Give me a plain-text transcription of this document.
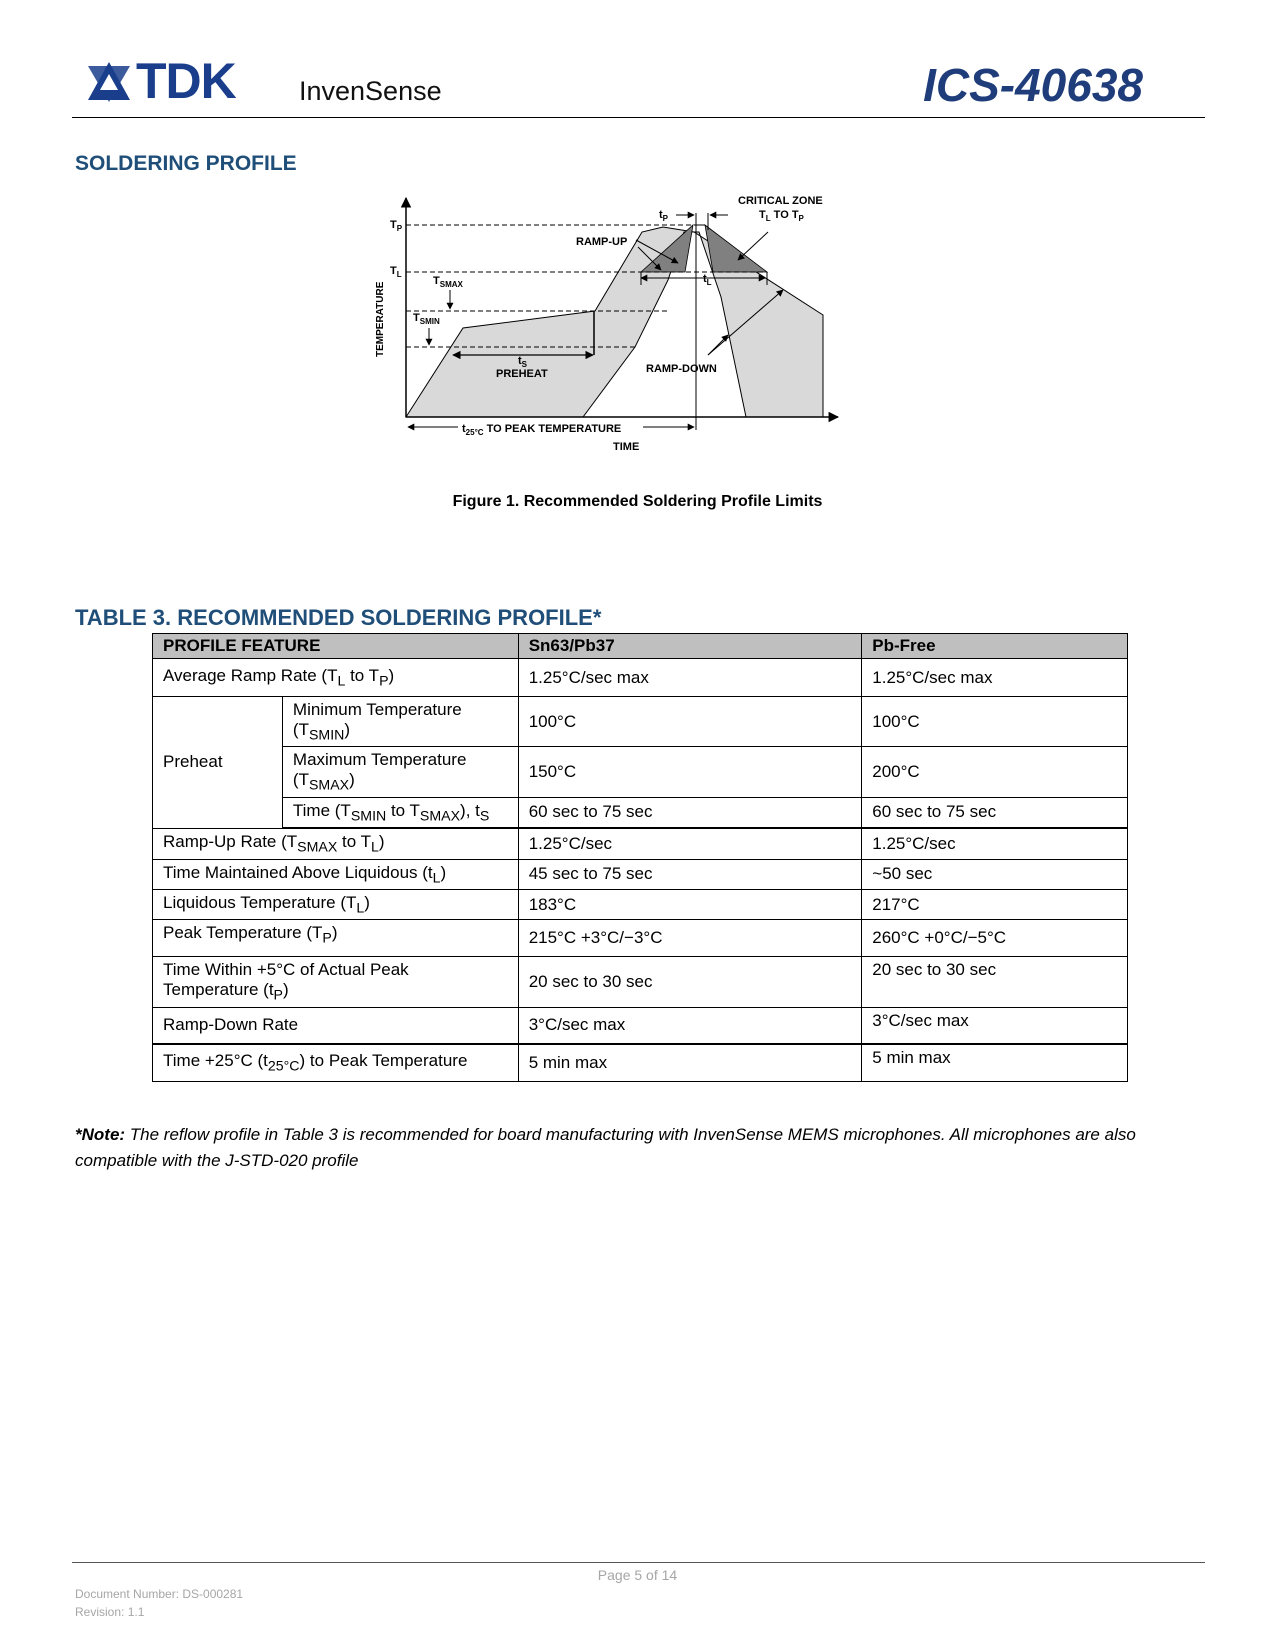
TDK InvenSense	ICS-40638
SOLDERING PROFILE
$T_P$
$T_L$
$T_{SMAX}$
$T_{SMIN}$
TEMPERATURE
TIME
$t_S$
PREHEAT
$t_{25^\circ C}$ TO PEAK TEMPERATURE
RAMP-UP
RAMP-DOWN
$t_P$
$t_L$
CRITICAL ZONE
$T_L$ TO $T_P$
Figure 1. Recommended Soldering Profile Limits
TABLE 3. RECOMMENDED SOLDERING PROFILE*
PROFILE FEATURE		Sn63/Pb37	Pb-Free
Average Ramp Rate ($T_L$ to $T_P$)		1.25°C/sec max	1.25°C/sec max
Preheat	Minimum Temperature $(T_{SMIN})$	100°C	100°C
	Maximum Temperature $(T_{SMAX})$	150°C	200°C
	Time ($T_{SMIN}$ to $T_{SMAX}$), $t_S$	60 sec to 75 sec	60 sec to 75 sec
Ramp-Up Rate ($T_{SMAX}$ to $T_L$)		1.25°C/sec	1.25°C/sec
Time Maintained Above Liquidous $(t_L)$		45 sec to 75 sec	~50 sec
Liquidous Temperature $(T_L)$		183°C	217°C
Peak Temperature $(T_P)$		215°C +3°C/−3°C	260°C +0°C/−5°C
Time Within +5°C of Actual Peak Temperature $(t_P)$		20 sec to 30 sec	20 sec to 30 sec
Ramp-Down Rate		3°C/sec max	3°C/sec max
Time +25°C $(t_{25^\circ C})$ to Peak Temperature		5 min max	5 min max
*Note: The reflow profile in Table 3 is recommended for board manufacturing with InvenSense MEMS microphones. All microphones are also compatible with the J-STD-020 profile
Page 5 of 14
Document Number: DS-000281
Revision: 1.1
